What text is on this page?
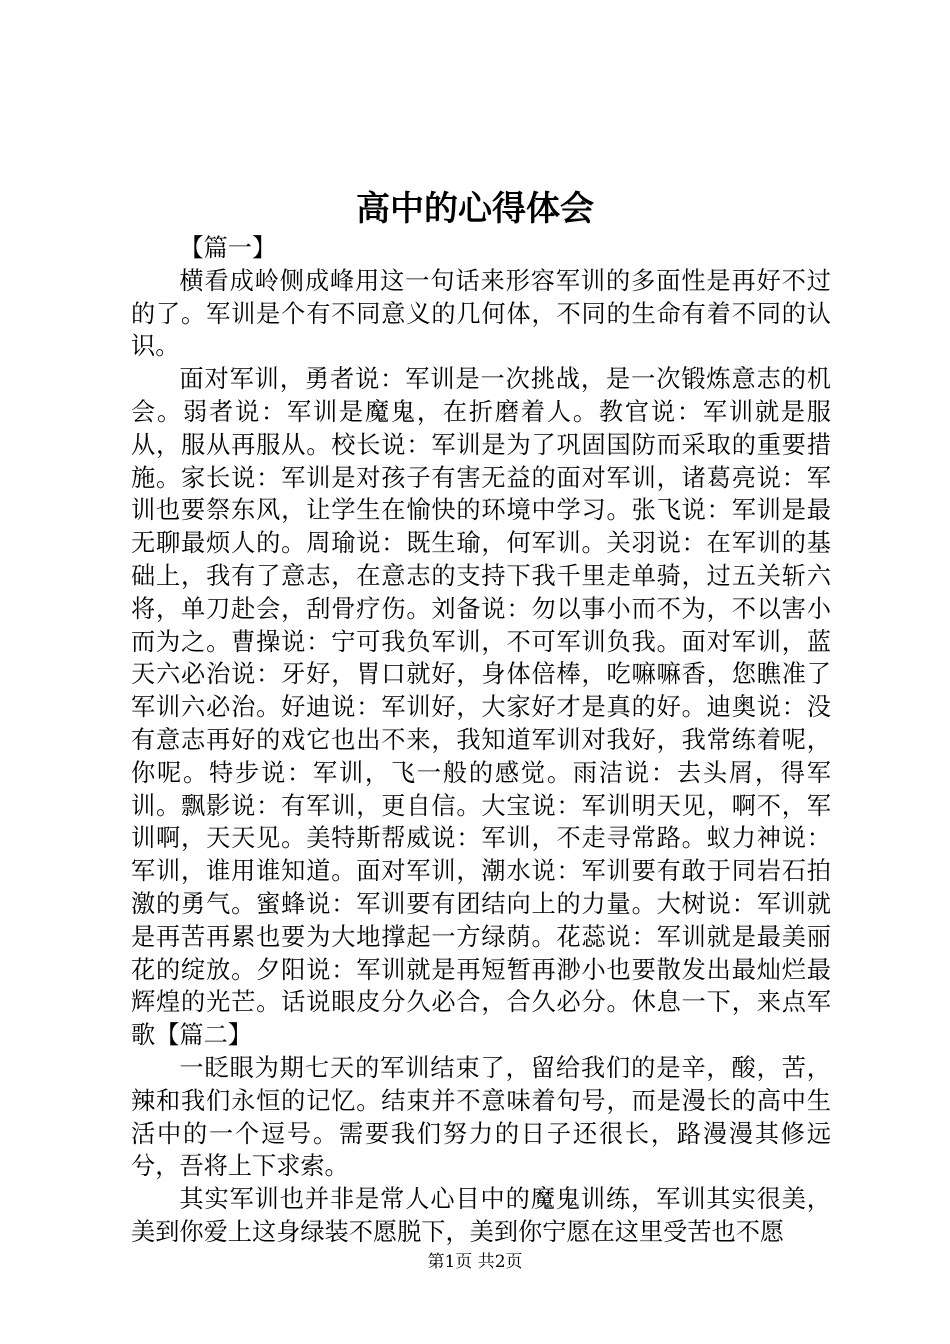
高中的心得体会

【篇一】

横看成岭侧成峰用这一句话来形容军训的多面性是再好不过的了。军训是个有不同意义的几何体，不同的生命有着不同的认识。

面对军训，勇者说：军训是一次挑战，是一次锻炼意志的机会。弱者说：军训是魔鬼，在折磨着人。教官说：军训就是服从，服从再服从。校长说：军训是为了巩固国防而采取的重要措施。家长说：军训是对孩子有害无益的面对军训，诸葛亮说：军训也要祭东风，让学生在愉快的环境中学习。张飞说：军训是最无聊最烦人的。周瑜说：既生瑜，何军训。关羽说：在军训的基础上，我有了意志，在意志的支持下我千里走单骑，过五关斩六将，单刀赴会，刮骨疗伤。刘备说：勿以事小而不为，不以害小而为之。曹操说：宁可我负军训，不可军训负我。面对军训，蓝天六必治说：牙好，胃口就好，身体倍棒，吃嘛嘛香，您瞧准了军训六必治。好迪说：军训好，大家好才是真的好。迪奥说：没有意志再好的戏它也出不来，我知道军训对我好，我常练着呢，你呢。特步说：军训，飞一般的感觉。雨洁说：去头屑，得军训。飘影说：有军训，更自信。大宝说：军训明天见，啊不，军训啊，天天见。美特斯帮威说：军训，不走寻常路。蚁力神说：军训，谁用谁知道。面对军训，潮水说：军训要有敢于同岩石拍激的勇气。蜜蜂说：军训要有团结向上的力量。大树说：军训就是再苦再累也要为大地撑起一方绿荫。花蕊说：军训就是最美丽花的绽放。夕阳说：军训就是再短暂再渺小也要散发出最灿烂最辉煌的光芒。话说眼皮分久必合，合久必分。休息一下，来点军歌【篇二】

一眨眼为期七天的军训结束了，留给我们的是辛，酸，苦，辣和我们永恒的记忆。结束并不意味着句号，而是漫长的高中生活中的一个逗号。需要我们努力的日子还很长，路漫漫其修远兮，吾将上下求索。

其实军训也并非是常人心目中的魔鬼训练，军训其实很美，美到你爱上这身绿装不愿脱下，美到你宁愿在这里受苦也不愿

第1页 共2页
